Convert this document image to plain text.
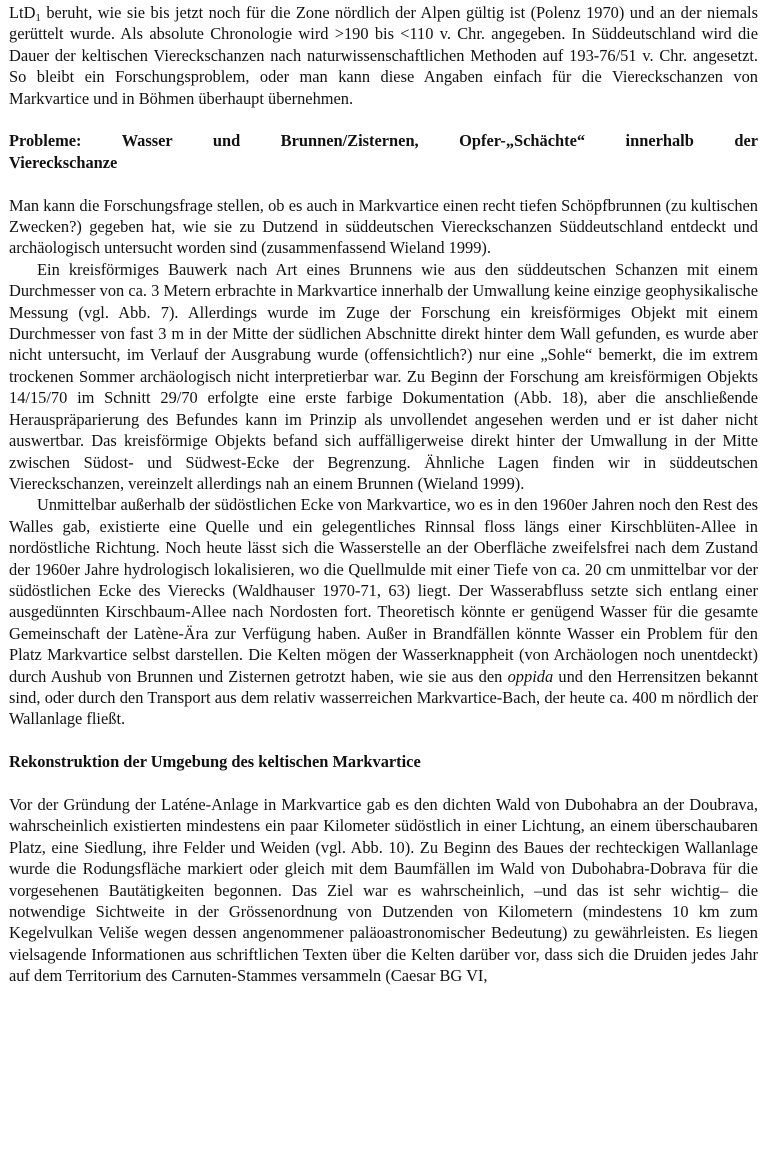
LtD$_1$ beruht, wie sie bis jetzt noch für die Zone nördlich der Alpen gültig ist (Polenz 1970) und an der niemals gerüttelt wurde. Als absolute Chronologie wird >190 bis <110 v. Chr. angegeben. In Süddeutschland wird die Dauer der keltischen Viereckschanzen nach naturwissenschaftlichen Methoden auf 193-76/51 v. Chr. angesetzt. So bleibt ein Forschungsproblem, oder man kann diese Angaben einfach für die Viereckschanzen von Markvartice und in Böhmen überhaupt übernehmen.

Probleme: Wasser und Brunnen/Zisternen, Opfer-„Schächte“ innerhalb der
Viereckschanze

Man kann die Forschungsfrage stellen, ob es auch in Markvartice einen recht tiefen Schöpfbrunnen (zu kultischen Zwecken?) gegeben hat, wie sie zu Dutzend in süddeutschen Viereckschanzen Süddeutschland entdeckt und archäologisch untersucht worden sind (zusammenfassend Wieland 1999).

Ein kreisförmiges Bauwerk nach Art eines Brunnens wie aus den süddeutschen Schanzen mit einem Durchmesser von ca. 3 Metern erbrachte in Markvartice innerhalb der Umwallung keine einzige geophysikalische Messung (vgl. Abb. 7). Allerdings wurde im Zuge der Forschung ein kreisförmiges Objekt mit einem Durchmesser von fast 3 m in der Mitte der südlichen Abschnitte direkt hinter dem Wall gefunden, es wurde aber nicht untersucht, im Verlauf der Ausgrabung wurde (offensichtlich?) nur eine „Sohle“ bemerkt, die im extrem trockenen Sommer archäologisch nicht interpretierbar war. Zu Beginn der Forschung am kreisförmigen Objekts 14/15/70 im Schnitt 29/70 erfolgte eine erste farbige Dokumentation (Abb. 18), aber die anschließende Herauspräparierung des Befundes kann im Prinzip als unvollendet angesehen werden und er ist daher nicht auswertbar. Das kreisförmige Objekts befand sich auffälligerweise direkt hinter der Umwallung in der Mitte zwischen Südost- und Südwest-Ecke der Begrenzung. Ähnliche Lagen finden wir in süddeutschen Viereckschanzen, vereinzelt allerdings nah an einem Brunnen (Wieland 1999).

Unmittelbar außerhalb der südöstlichen Ecke von Markvartice, wo es in den 1960er Jahren noch den Rest des Walles gab, existierte eine Quelle und ein gelegentliches Rinnsal floss längs einer Kirschblüten-Allee in nordöstliche Richtung. Noch heute lässt sich die Wasserstelle an der Oberfläche zweifelsfrei nach dem Zustand der 1960er Jahre hydrologisch lokalisieren, wo die Quellmulde mit einer Tiefe von ca. 20 cm unmittelbar vor der südöstlichen Ecke des Vierecks (Waldhauser 1970-71, 63) liegt. Der Wasserabfluss setzte sich entlang einer ausgedünnten Kirschbaum-Allee nach Nordosten fort. Theoretisch könnte er genügend Wasser für die gesamte Gemeinschaft der Latène-Ära zur Verfügung haben. Außer in Brandfällen könnte Wasser ein Problem für den Platz Markvartice selbst darstellen. Die Kelten mögen der Wasserknappheit (von Archäologen noch unentdeckt) durch Aushub von Brunnen und Zisternen getrotzt haben, wie sie aus den oppida und den Herrensitzen bekannt sind, oder durch den Transport aus dem relativ wasserreichen Markvartice-Bach, der heute ca. 400 m nördlich der Wallanlage fließt.

Rekonstruktion der Umgebung des keltischen Markvartice

Vor der Gründung der Laténe-Anlage in Markvartice gab es den dichten Wald von Dubohabra an der Doubrava, wahrscheinlich existierten mindestens ein paar Kilometer südöstlich in einer Lichtung, an einem überschaubaren Platz, eine Siedlung, ihre Felder und Weiden (vgl. Abb. 10). Zu Beginn des Baues der rechteckigen Wallanlage wurde die Rodungsfläche markiert oder gleich mit dem Baumfällen im Wald von Dubohabra-Dobrava für die vorgesehenen Bautätigkeiten begonnen. Das Ziel war es wahrscheinlich, –und das ist sehr wichtig– die notwendige Sichtweite in der Grössenordnung von Dutzenden von Kilometern (mindestens 10 km zum Kegelvulkan Velіše wegen dessen angenommener paläoastronomischer Bedeutung) zu gewährleisten. Es liegen vielsagende Informationen aus schriftlichen Texten über die Kelten darüber vor, dass sich die Druiden jedes Jahr auf dem Territorium des Carnuten-Stammes versammeln (Caesar BG VI,
